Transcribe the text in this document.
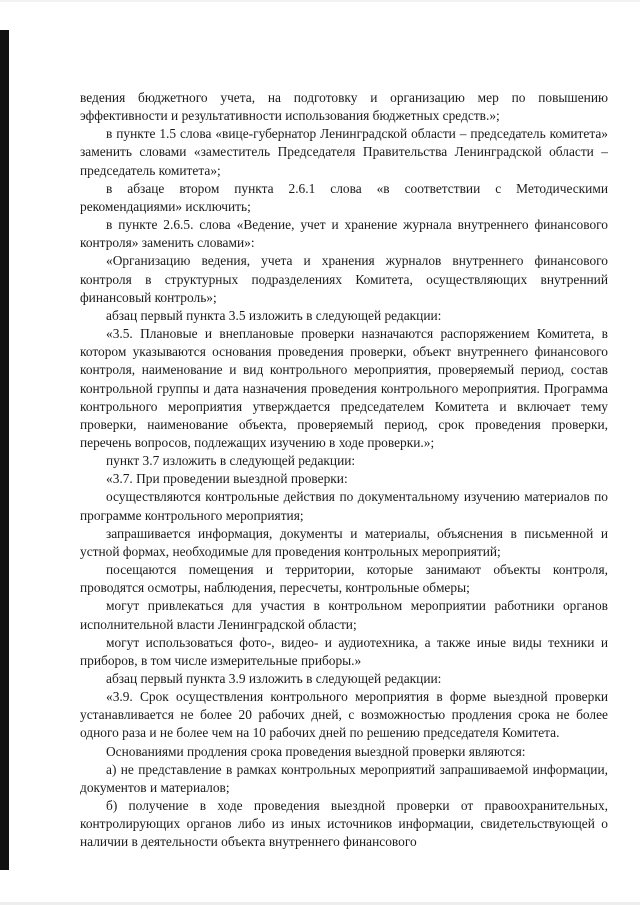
ведения бюджетного учета, на подготовку и организацию мер по повышению эффективности и результативности использования бюджетных средств.»;

в пункте 1.5 слова «вице-губернатор Ленинградской области – председатель комитета» заменить словами «заместитель Председателя Правительства Ленинградской области – председатель комитета»;

в абзаце втором пункта 2.6.1 слова «в соответствии с Методическими рекомендациями» исключить;

в пункте 2.6.5. слова «Ведение, учет и хранение журнала внутреннего финансового контроля» заменить словами»:

«Организацию ведения, учета и хранения журналов внутреннего финансового контроля в структурных подразделениях Комитета, осуществляющих внутренний финансовый контроль»;

абзац первый пункта 3.5 изложить в следующей редакции:

«3.5. Плановые и внеплановые проверки назначаются распоряжением Комитета, в котором указываются основания проведения проверки, объект внутреннего финансового контроля, наименование и вид контрольного мероприятия, проверяемый период, состав контрольной группы и дата назначения проведения контрольного мероприятия. Программа контрольного мероприятия утверждается председателем Комитета и включает тему проверки, наименование объекта, проверяемый период, срок проведения проверки, перечень вопросов, подлежащих изучению в ходе проверки.»;

пункт 3.7 изложить в следующей редакции:

«3.7. При проведении выездной проверки:

осуществляются контрольные действия по документальному изучению материалов по программе контрольного мероприятия;

запрашивается информация, документы и материалы, объяснения в письменной и устной формах, необходимые для проведения контрольных мероприятий;

посещаются помещения и территории, которые занимают объекты контроля, проводятся осмотры, наблюдения, пересчеты, контрольные обмеры;

могут привлекаться для участия в контрольном мероприятии работники органов исполнительной власти Ленинградской области;

могут использоваться фото-, видео- и аудиотехника, а также иные виды техники и приборов, в том числе измерительные приборы.»

абзац первый пункта 3.9 изложить в следующей редакции:

«3.9. Срок осуществления контрольного мероприятия в форме выездной проверки устанавливается не более 20 рабочих дней, с возможностью продления срока не более одного раза и не более чем на 10 рабочих дней по решению председателя Комитета.

Основаниями продления срока проведения выездной проверки являются:

а) не представление в рамках контрольных мероприятий запрашиваемой информации, документов и материалов;

б) получение в ходе проведения выездной проверки от правоохранительных, контролирующих органов либо из иных источников информации, свидетельствующей о наличии в деятельности объекта внутреннего финансового
